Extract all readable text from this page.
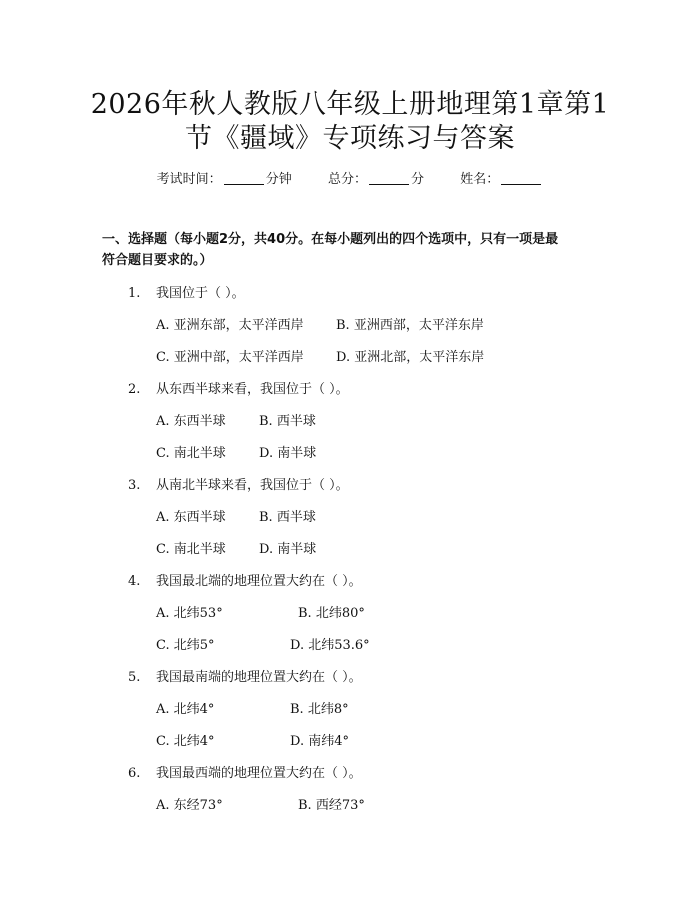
2026年秋人教版八年级上册地理第1章第1
节《疆域》专项练习与答案
考试时间：	分钟	总分：	分	姓名：
一、选择题（每小题2分，共40分。在每小题列出的四个选项中，只有一项是最
符合题目要求的。）
1. 我国位于（ ）。
A. 亚洲东部，太平洋西岸 B. 亚洲西部，太平洋东岸
C. 亚洲中部，太平洋西岸 D. 亚洲北部，太平洋东岸
2. 从东西半球来看，我国位于（ ）。
A. 东西半球	B. 西半球
C. 南北半球	D. 南半球
3. 从南北半球来看，我国位于（ ）。
A. 东西半球	B. 西半球
C. 南北半球	D. 南半球
4. 我国最北端的地理位置大约在（ ）。
A. 北纬53°	B. 北纬80°
C. 北纬5°	D. 北纬53.6°
5. 我国最南端的地理位置大约在（ ）。
A. 北纬4°	B. 北纬8°
C. 北纬4°	D. 南纬4°
6. 我国最西端的地理位置大约在（ ）。
A. 东经73°	B. 西经73°
